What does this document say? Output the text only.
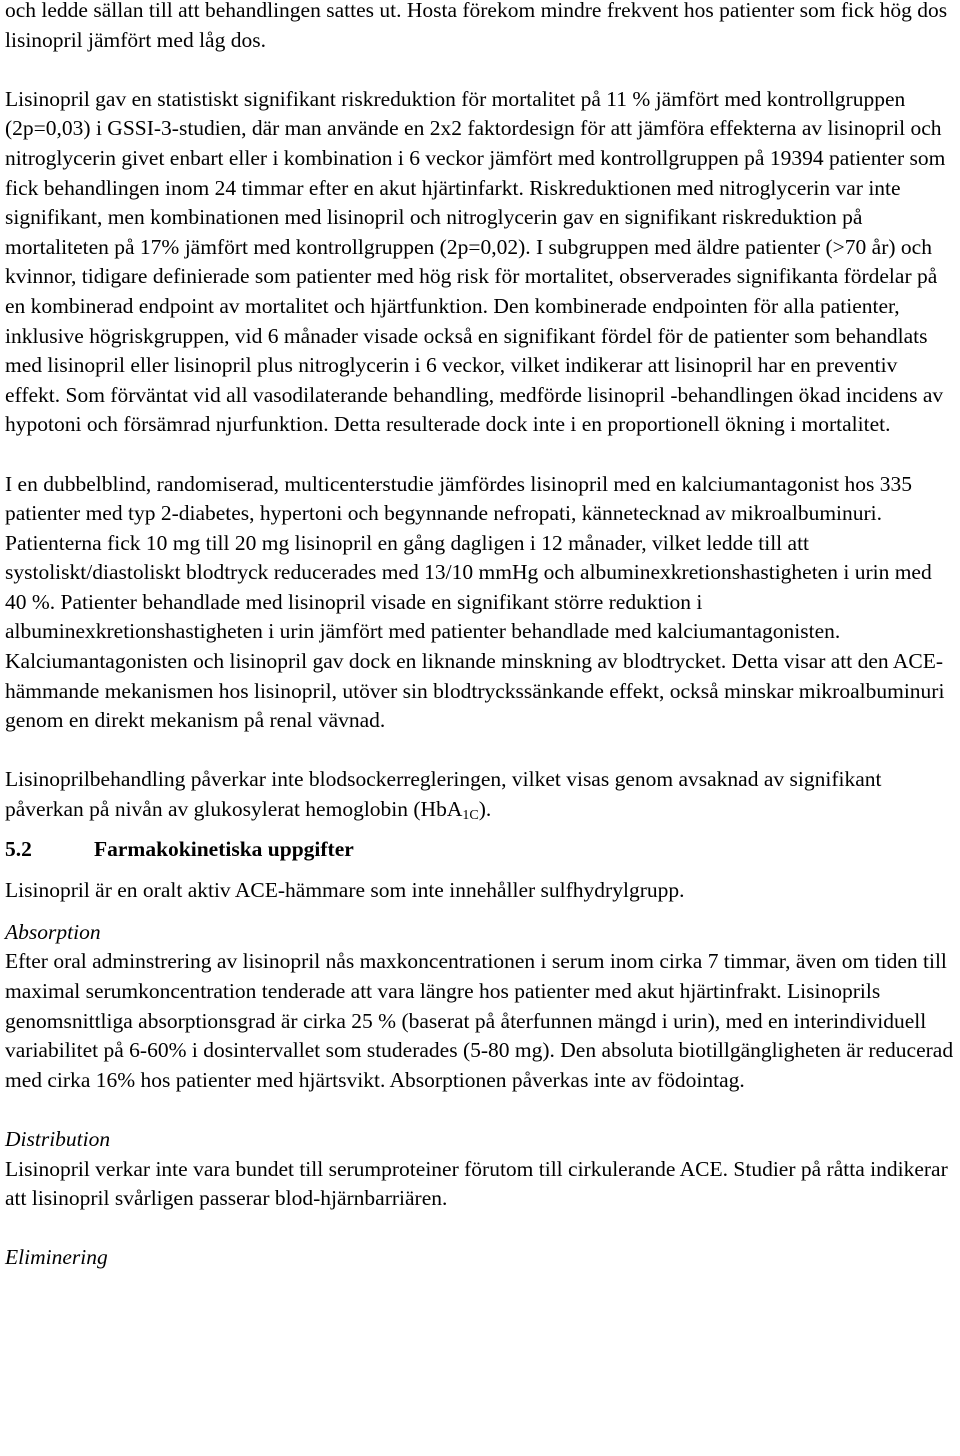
och ledde sällan till att behandlingen sattes ut. Hosta förekom mindre frekvent hos patienter som fick hög dos lisinopril jämfört med låg dos.

Lisinopril gav en statistiskt signifikant riskreduktion för mortalitet på 11 % jämfört med kontrollgruppen (2p=0,03) i GSSI-3-studien, där man använde en 2x2 faktordesign för att jämföra effekterna av lisinopril och nitroglycerin givet enbart eller i kombination i 6 veckor jämfört med kontrollgruppen på 19394 patienter som fick behandlingen inom 24 timmar efter en akut hjärtinfarkt. Riskreduktionen med nitroglycerin var inte signifikant, men kombinationen med lisinopril och nitroglycerin gav en signifikant riskreduktion på mortaliteten på 17% jämfört med kontrollgruppen (2p=0,02). I subgruppen med äldre patienter (>70 år) och kvinnor, tidigare definierade som patienter med hög risk för mortalitet, observerades signifikanta fördelar på en kombinerad endpoint av mortalitet och hjärtfunktion. Den kombinerade endpointen för alla patienter, inklusive högriskgruppen, vid 6 månader visade också en signifikant fördel för de patienter som behandlats med lisinopril eller lisinopril plus nitroglycerin i 6 veckor, vilket indikerar att lisinopril har en preventiv effekt. Som förväntat vid all vasodilaterande behandling, medförde lisinopril -behandlingen ökad incidens av hypotoni och försämrad njurfunktion. Detta resulterade dock inte i en proportionell ökning i mortalitet.

I en dubbelblind, randomiserad, multicenterstudie jämfördes lisinopril med en kalciumantagonist hos 335 patienter med typ 2-diabetes, hypertoni och begynnande nefropati, kännetecknad av mikroalbuminuri. Patienterna fick 10 mg till 20 mg lisinopril en gång dagligen i 12 månader, vilket ledde till att systoliskt/diastoliskt blodtryck reducerades med 13/10 mmHg och albuminexkretionshastigheten i urin med 40 %. Patienter behandlade med lisinopril visade en signifikant större reduktion i albuminexkretionshastigheten i urin jämfört med patienter behandlade med kalciumantagonisten. Kalciumantagonisten och lisinopril gav dock en liknande minskning av blodtrycket. Detta visar att den ACE-hämmande mekanismen hos lisinopril, utöver sin blodtryckssänkande effekt, också minskar mikroalbuminuri genom en direkt mekanism på renal vävnad.

Lisinoprilbehandling påverkar inte blodsockerregleringen, vilket visas genom avsaknad av signifikant påverkan på nivån av glukosylerat hemoglobin (HbA$_{1C}$).

5.2	Farmakokinetiska uppgifter

Lisinopril är en oralt aktiv ACE-hämmare som inte innehåller sulfhydrylgrupp.

Absorption

Efter oral adminstrering av lisinopril nås maxkoncentrationen i serum inom cirka 7 timmar, även om tiden till maximal serumkoncentration tenderade att vara längre hos patienter med akut hjärtinfrakt. Lisinoprils genomsnittliga absorptionsgrad är cirka 25 % (baserat på återfunnen mängd i urin), med en interindividuell variabilitet på 6-60% i dosintervallet som studerades (5-80 mg). Den absoluta biotillgängligheten är reducerad med cirka 16% hos patienter med hjärtsvikt. Absorptionen påverkas inte av födointag.

Distribution

Lisinopril verkar inte vara bundet till serumproteiner förutom till cirkulerande ACE. Studier på råtta indikerar att lisinopril svårligen passerar blod-hjärnbarriären.

Eliminering
